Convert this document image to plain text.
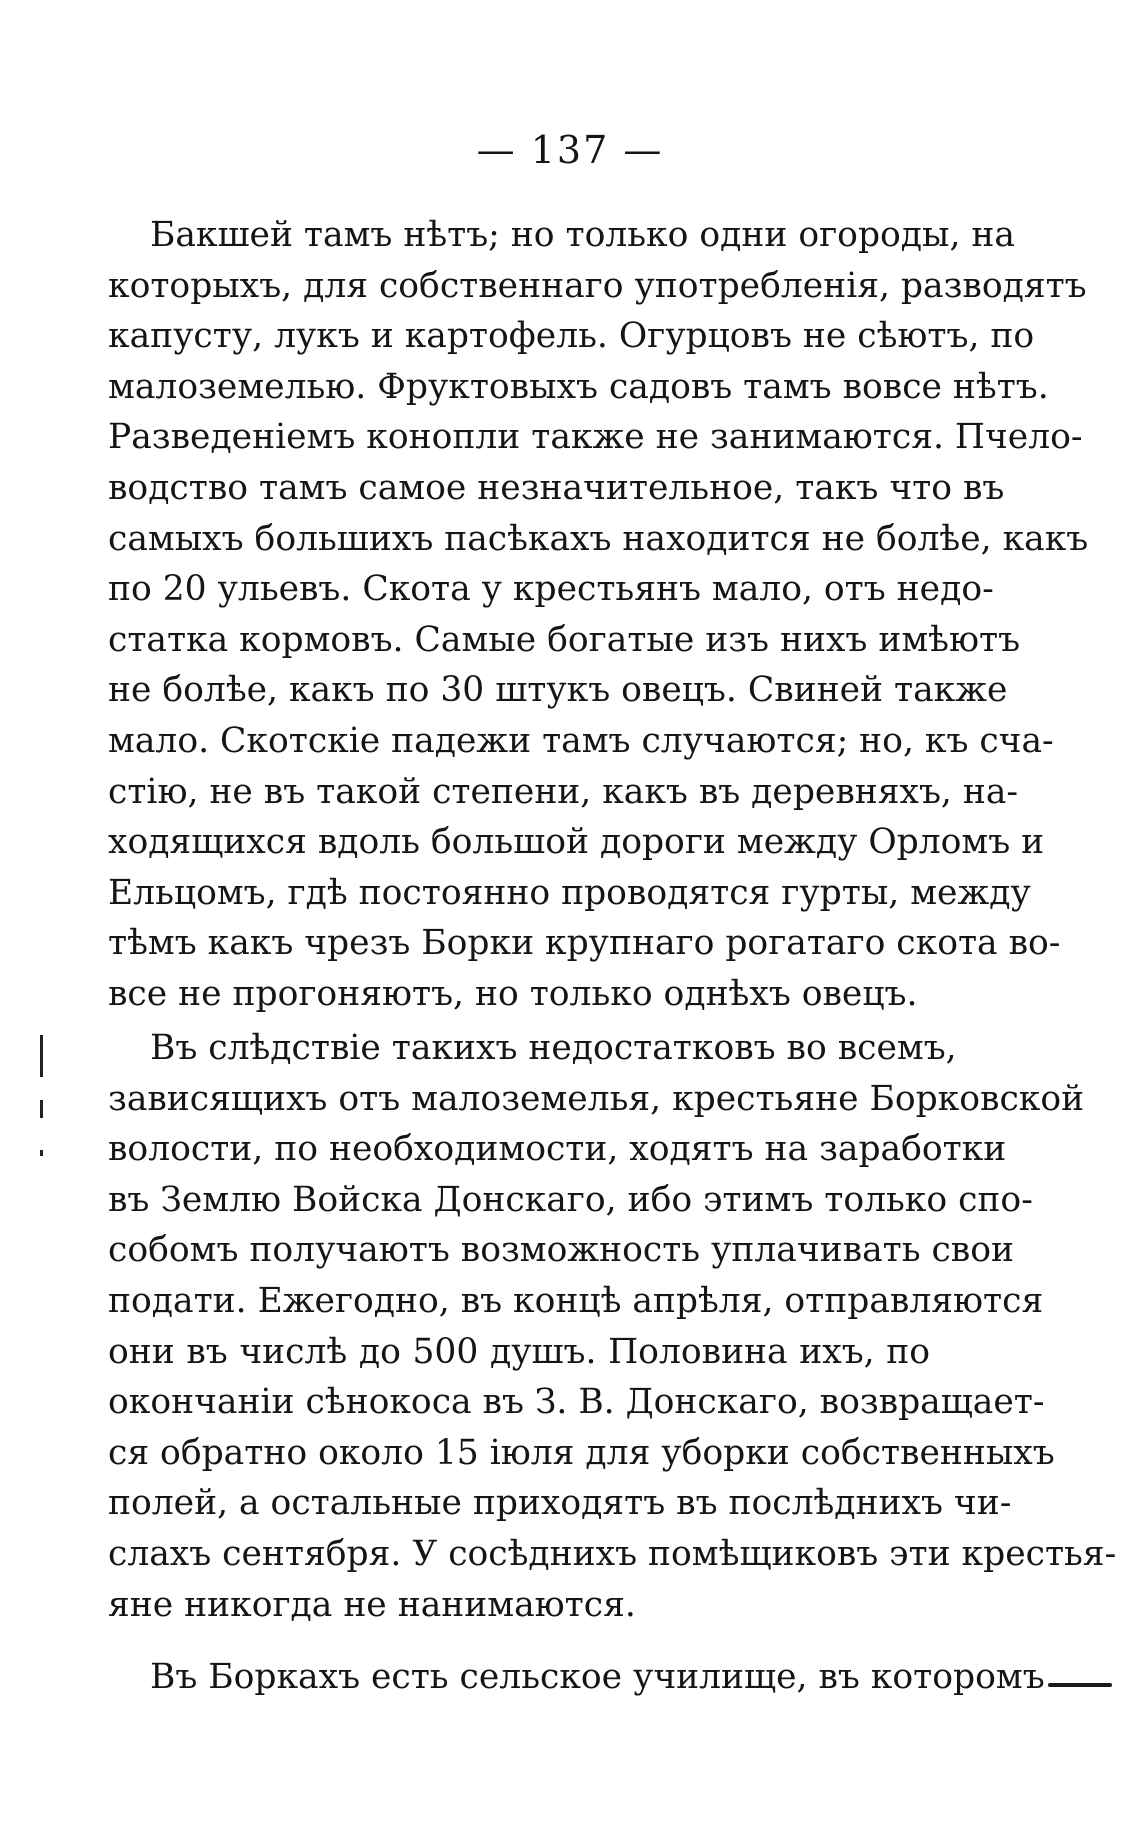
— 137 —
Бакшей тамъ нѣтъ; но только одни огороды, на
которыхъ, для собственнаго употребленія, разводятъ
капусту, лукъ и картофель. Огурцовъ не сѣютъ, по
малоземелью. Фруктовыхъ садовъ тамъ вовсе нѣтъ.
Разведеніемъ конопли также не занимаются. Пчело-
водство тамъ самое незначительное, такъ что въ
самыхъ большихъ пасѣкахъ находится не болѣе, какъ
по 20 ульевъ. Скота у крестьянъ мало, отъ недо-
статка кормовъ. Самые богатые изъ нихъ имѣютъ
не болѣе, какъ по 30 штукъ овецъ. Свиней также
мало. Скотскіе падежи тамъ случаются; но, къ сча-
стію, не въ такой степени, какъ въ деревняхъ, на-
ходящихся вдоль большой дороги между Орломъ и
Ельцомъ, гдѣ постоянно проводятся гурты, между
тѣмъ какъ чрезъ Борки крупнаго рогатаго скота во-
все не прогоняютъ, но только однѣхъ овецъ.
Въ слѣдствіе такихъ недостатковъ во всемъ,
зависящихъ отъ малоземелья, крестьяне Борковской
волости, по необходимости, ходятъ на заработки
въ Землю Войска Донскаго, ибо этимъ только спо-
собомъ получаютъ возможность уплачивать свои
подати. Ежегодно, въ концѣ апрѣля, отправляются
они въ числѣ до 500 душъ. Половина ихъ, по
окончаніи сѣнокоса въ З. В. Донскаго, возвращает-
ся обратно около 15 іюля для уборки собственныхъ
полей, а остальные приходятъ въ послѣднихъ чи-
слахъ сентября. У сосѣднихъ помѣщиковъ эти крестья-
яне никогда не нанимаются.
Въ Боркахъ есть сельское училище, въ которомъ
